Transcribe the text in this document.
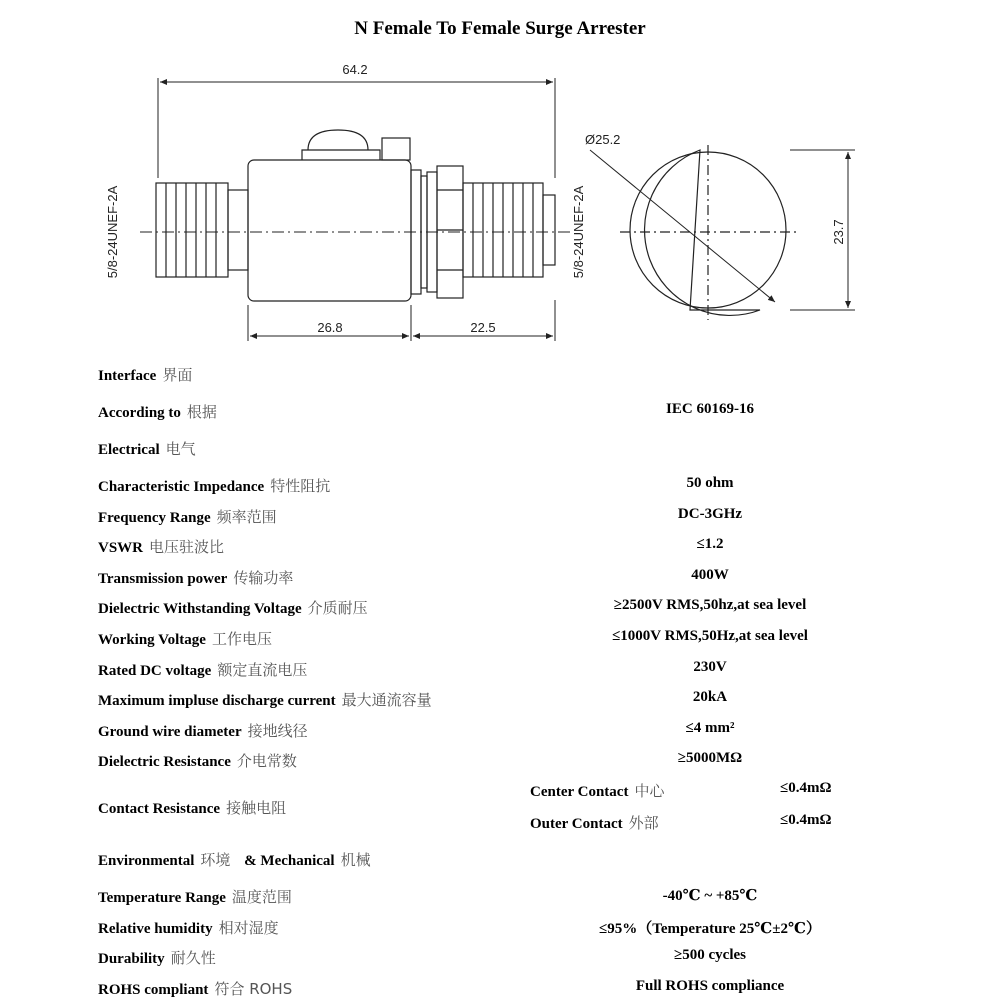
N Female To Female Surge Arrester
64.2
26.8	22.5
Ø25.2
23.7
5/8-24UNEF-2A	5/8-24UNEF-2A
Interface 界面
According to 根据	IEC 60169-16
Electrical 电气
Characteristic Impedance 特性阻抗	50 ohm
Frequency Range 频率范围	DC-3GHz
VSWR 电压驻波比	≤1.2
Transmission power 传输功率	400W
Dielectric Withstanding Voltage 介质耐压	≥2500V RMS,50hz,at sea level
Working Voltage 工作电压	≤1000V RMS,50Hz,at sea level
Rated DC voltage 额定直流电压	230V
Maximum impluse discharge current 最大通流容量	20kA
Ground wire diameter 接地线径	≤4 mm²
Dielectric Resistance 介电常数	≥5000MΩ
Contact Resistance 接触电阻
Center Contact 中心	≤0.4mΩ
Outer Contact 外部	≤0.4mΩ
Environmental 环境 & Mechanical 机械
Temperature Range 温度范围	-40℃ ~ +85℃
Relative humidity 相对湿度	≤95%（Temperature 25℃±2℃）
Durability 耐久性	≥500 cycles
ROHS compliant 符合 ROHS	Full ROHS compliance
